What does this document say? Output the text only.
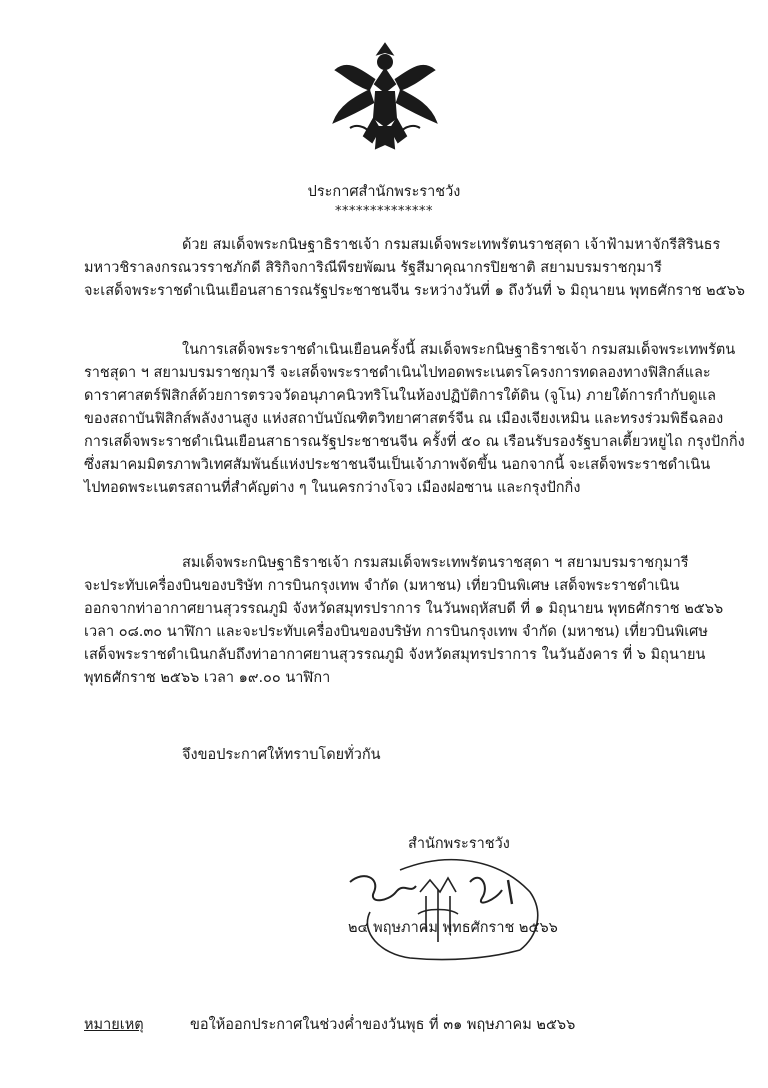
ประกาศสำนักพระราชวัง
**************
ด้วย สมเด็จพระกนิษฐาธิราชเจ้า กรมสมเด็จพระเทพรัตนราชสุดา เจ้าฟ้ามหาจักรีสิรินธร
มหาวชิราลงกรณวรราชภักดี สิริกิจการิณีพีรยพัฒน รัฐสีมาคุณากรปิยชาติ สยามบรมราชกุมารี
จะเสด็จพระราชดำเนินเยือนสาธารณรัฐประชาชนจีน ระหว่างวันที่ ๑ ถึงวันที่ ๖ มิถุนายน พุทธศักราช ๒๕๖๖
ในการเสด็จพระราชดำเนินเยือนครั้งนี้ สมเด็จพระกนิษฐาธิราชเจ้า กรมสมเด็จพระเทพรัตน
ราชสุดา ฯ สยามบรมราชกุมารี จะเสด็จพระราชดำเนินไปทอดพระเนตรโครงการทดลองทางฟิสิกส์และ
ดาราศาสตร์ฟิสิกส์ด้วยการตรวจวัดอนุภาคนิวทริโนในห้องปฏิบัติการใต้ดิน (จูโน) ภายใต้การกำกับดูแล
ของสถาบันฟิสิกส์พลังงานสูง แห่งสถาบันบัณฑิตวิทยาศาสตร์จีน ณ เมืองเจียงเหมิน และทรงร่วมพิธีฉลอง
การเสด็จพระราชดำเนินเยือนสาธารณรัฐประชาชนจีน ครั้งที่ ๕๐ ณ เรือนรับรองรัฐบาลเตี้ยวหยูไถ กรุงปักกิ่ง
ซึ่งสมาคมมิตรภาพวิเทศสัมพันธ์แห่งประชาชนจีนเป็นเจ้าภาพจัดขึ้น นอกจากนี้ จะเสด็จพระราชดำเนิน
ไปทอดพระเนตรสถานที่สำคัญต่าง ๆ ในนครกว่างโจว เมืองฝอซาน และกรุงปักกิ่ง
สมเด็จพระกนิษฐาธิราชเจ้า กรมสมเด็จพระเทพรัตนราชสุดา ฯ สยามบรมราชกุมารี
จะประทับเครื่องบินของบริษัท การบินกรุงเทพ จำกัด (มหาชน) เที่ยวบินพิเศษ เสด็จพระราชดำเนิน
ออกจากท่าอากาศยานสุวรรณภูมิ จังหวัดสมุทรปราการ ในวันพฤหัสบดี ที่ ๑ มิถุนายน พุทธศักราช ๒๕๖๖
เวลา ๐๘.๓๐ นาฬิกา และจะประทับเครื่องบินของบริษัท การบินกรุงเทพ จำกัด (มหาชน) เที่ยวบินพิเศษ
เสด็จพระราชดำเนินกลับถึงท่าอากาศยานสุวรรณภูมิ จังหวัดสมุทรปราการ ในวันอังคาร ที่ ๖ มิถุนายน
พุทธศักราช ๒๕๖๖ เวลา ๑๙.๐๐ นาฬิกา
จึงขอประกาศให้ทราบโดยทั่วกัน
สำนักพระราชวัง
๒๔ พฤษภาคม พุทธศักราช ๒๕๖๖
หมายเหตุ	ขอให้ออกประกาศในช่วงค่ำของวันพุธ ที่ ๓๑ พฤษภาคม ๒๕๖๖
